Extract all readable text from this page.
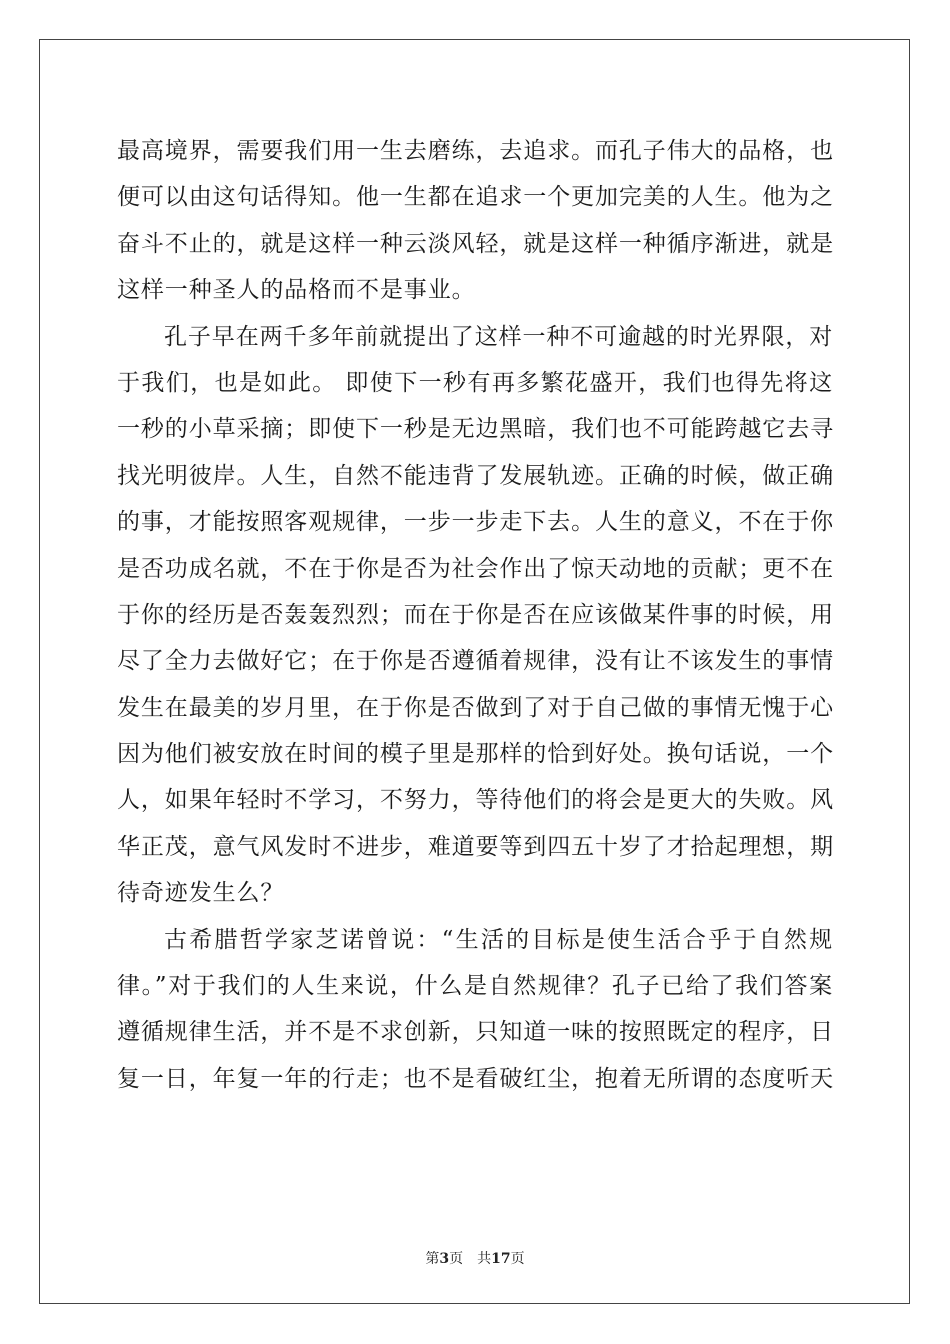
最高境界，需要我们用一生去磨练，去追求。而孔子伟大的品格，也
便可以由这句话得知。他一生都在追求一个更加完美的人生。他为之
奋斗不止的，就是这样一种云淡风轻，就是这样一种循序渐进，就是
这样一种圣人的品格而不是事业。
孔子早在两千多年前就提出了这样一种不可逾越的时光界限，对
于我们，也是如此。 即使下一秒有再多繁花盛开，我们也得先将这
一秒的小草采摘；即使下一秒是无边黑暗，我们也不可能跨越它去寻
找光明彼岸。人生，自然不能违背了发展轨迹。正确的时候，做正确
的事，才能按照客观规律，一步一步走下去。人生的意义，不在于你
是否功成名就，不在于你是否为社会作出了惊天动地的贡献；更不在
于你的经历是否轰轰烈烈；而在于你是否在应该做某件事的时候，用
尽了全力去做好它；在于你是否遵循着规律，没有让不该发生的事情
发生在最美的岁月里，在于你是否做到了对于自己做的事情无愧于心
因为他们被安放在时间的模子里是那样的恰到好处。换句话说，一个
人，如果年轻时不学习，不努力，等待他们的将会是更大的失败。风
华正茂，意气风发时不进步，难道要等到四五十岁了才拾起理想，期
待奇迹发生么？
古希腊哲学家芝诺曾说：“生活的目标是使生活合乎于自然规
律。”对于我们的人生来说，什么是自然规律？孔子已给了我们答案
遵循规律生活，并不是不求创新，只知道一味的按照既定的程序，日
复一日，年复一年的行走；也不是看破红尘，抱着无所谓的态度听天
第3页 共17页
